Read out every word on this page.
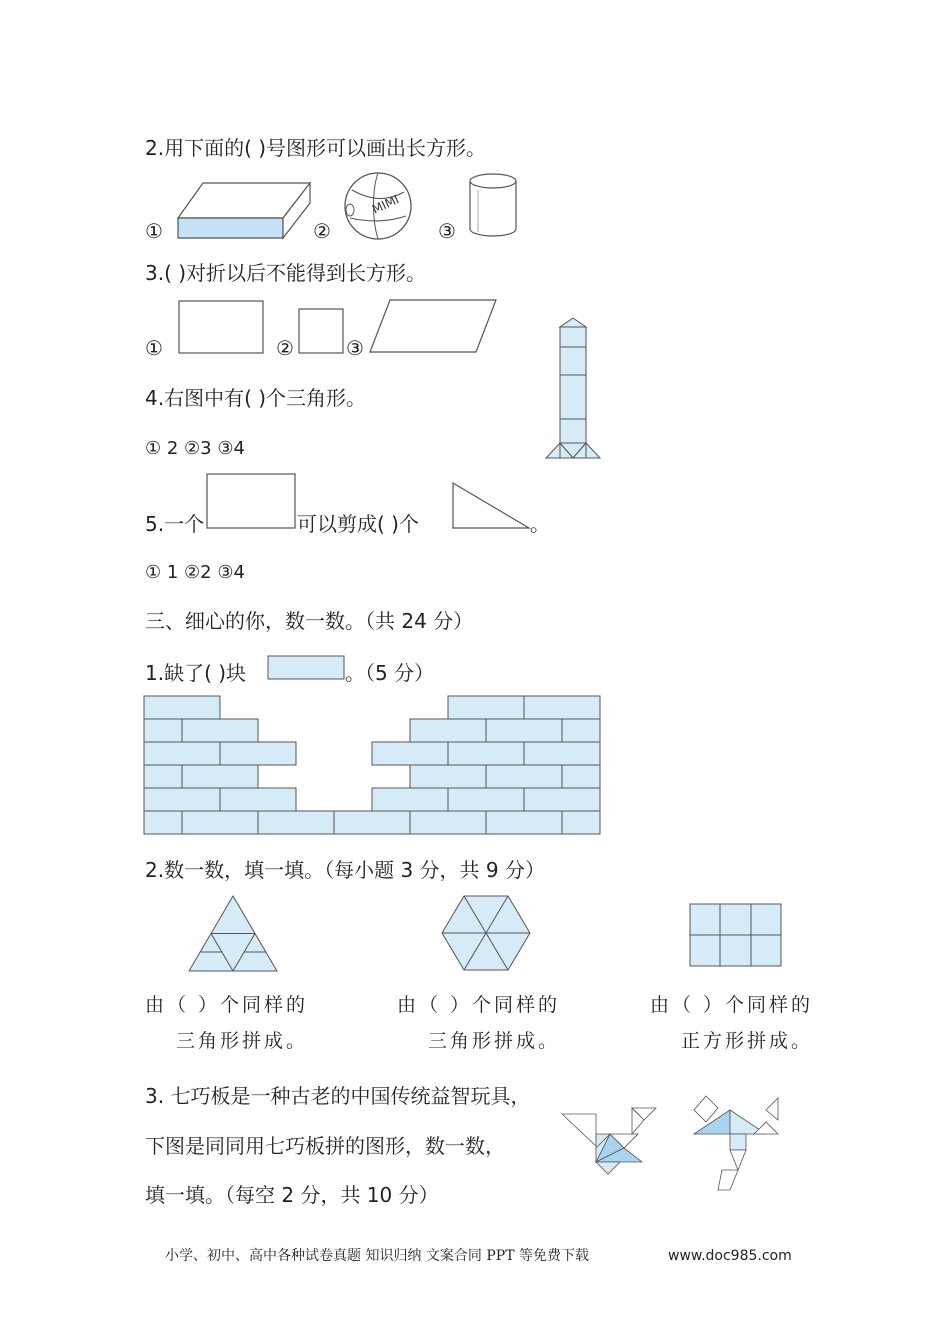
2.用下面的( )号图形可以画出长方形。
①	②
MIMI
③
3.( )对折以后不能得到长方形。
①	②	③
4.右图中有( )个三角形。
① 2 ②3 ③4
5.一个	可以剪成( )个	。
① 1 ②2 ③4
三、细心的你，数一数。（共 24 分）
1.缺了( )块	。（5 分）
2.数一数，填一填。（每小题 3 分，共 9 分）
由（ ）个同样的
三角形拼成。
由（ ）个同样的
三角形拼成。
由（ ）个同样的
正方形拼成。
3. 七巧板是一种古老的中国传统益智玩具，
下图是同同用七巧板拼的图形，数一数，
填一填。（每空 2 分，共 10 分）
小学、初中、高中各种试卷真题 知识归纳 文案合同 PPT 等免费下载	www.doc985.com
